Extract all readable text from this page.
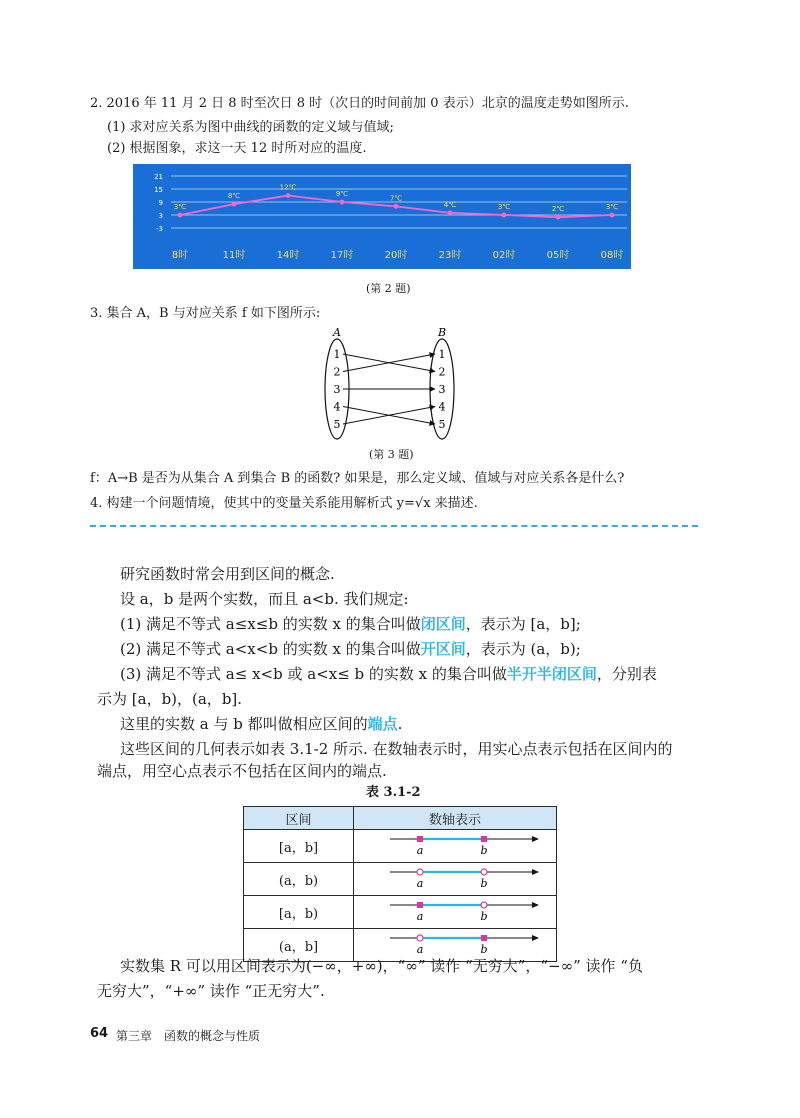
2. 2016 年 11 月 2 日 8 时至次日 8 时（次日的时间前加 0 表示）北京的温度走势如图所示.
(1) 求对应关系为图中曲线的函数的定义域与值域;
(2) 根据图象，求这一天 12 时所对应的温度.
21
15
9
3
-3
3℃
8时
8℃
11时
12℃
14时
9℃
17时
7℃
20时
4℃
23时
3℃
02时
2℃
05时
3℃
08时
(第 2 题)
3. 集合 A，B 与对应关系 f 如下图所示:
A	B
1
2
3
4
5
1
2
3
4
5
(第 3 题)
f：A→B 是否为从集合 A 到集合 B 的函数? 如果是，那么定义域、值域与对应关系各是什么?
4. 构建一个问题情境，使其中的变量关系能用解析式 y=√x 来描述.
研究函数时常会用到区间的概念.
设 a，b 是两个实数，而且 a<b. 我们规定:
(1) 满足不等式 a≤x≤b 的实数 x 的集合叫做闭区间，表示为 [a，b];
(2) 满足不等式 a<x<b 的实数 x 的集合叫做开区间，表示为 (a，b);
(3) 满足不等式 a≤ x<b 或 a<x≤ b 的实数 x 的集合叫做半开半闭区间，分别表
示为 [a，b)，(a，b].
这里的实数 a 与 b 都叫做相应区间的端点.
这些区间的几何表示如表 3.1-2 所示. 在数轴表示时，用实心点表示包括在区间内的
端点，用空心点表示不包括在区间内的端点.
表 3.1-2
区间	数轴表示
[a，b]	a b

(a，b)	a b

[a，b)	a b

(a，b]	a b
实数集 R 可以用区间表示为(−∞，+∞)，“∞” 读作 “无穷大”，“−∞” 读作 “负
无穷大”，“+∞” 读作 “正无穷大”.
64 第三章　函数的概念与性质
